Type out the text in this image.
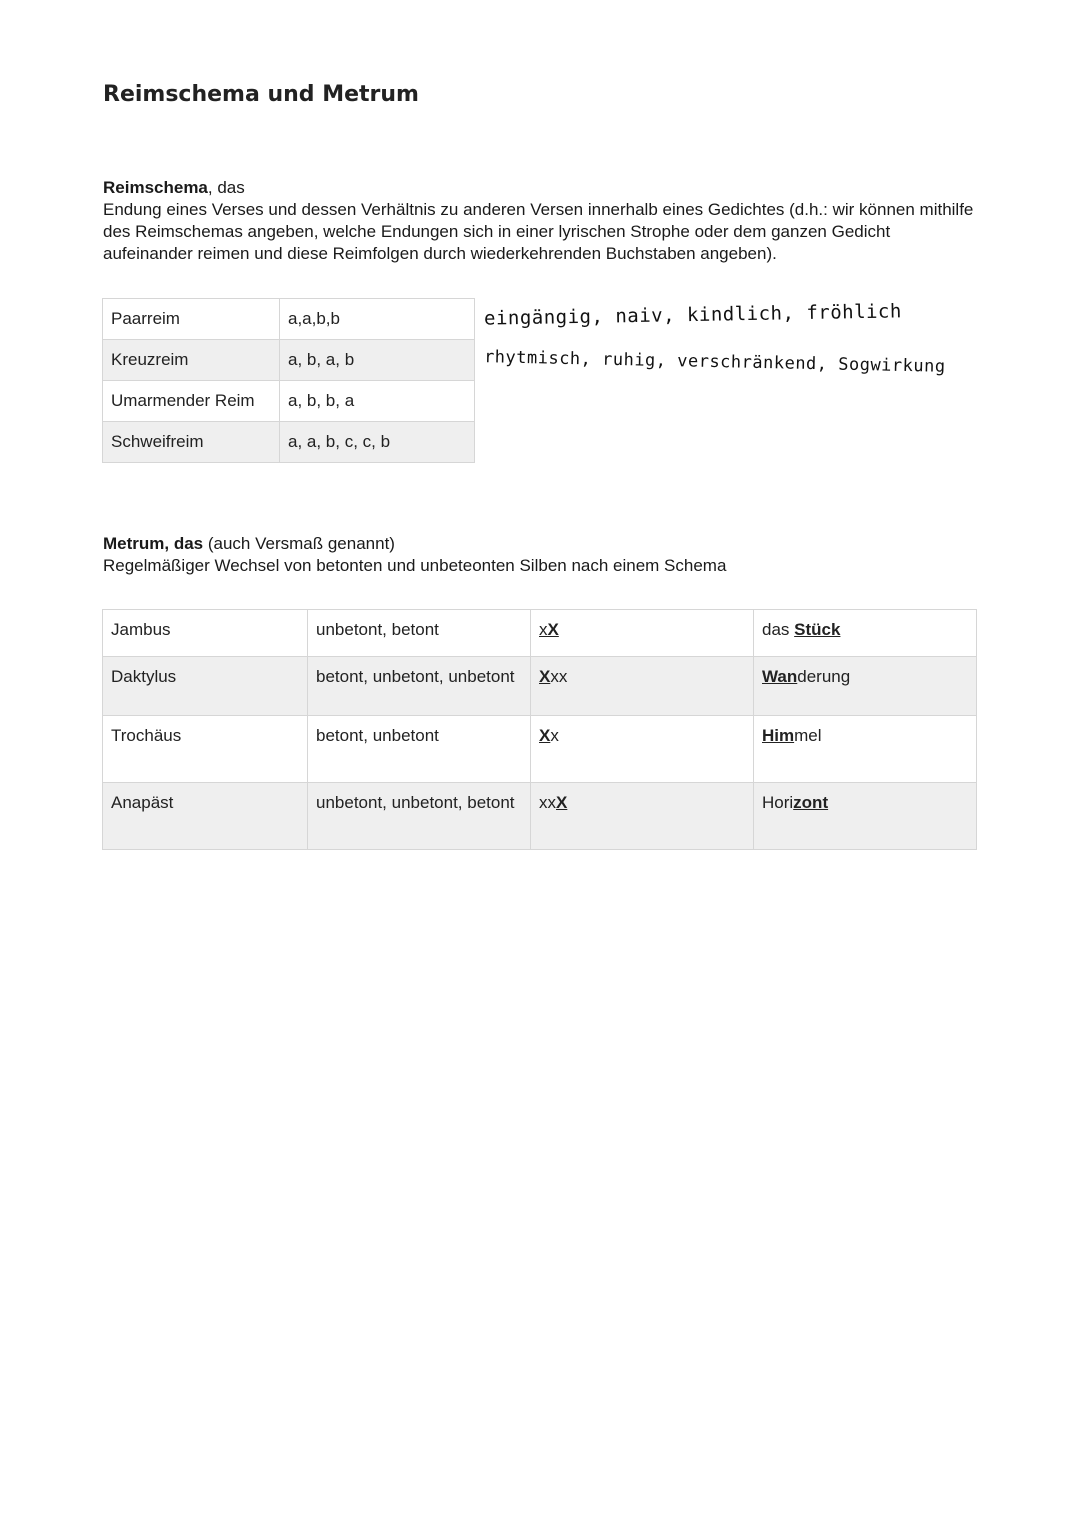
Reimschema und Metrum
Reimschema, das
Endung eines Verses und dessen Verhältnis zu anderen Versen innerhalb eines Gedichtes (d.h.: wir können mithilfe des Reimschemas angeben, welche Endungen sich in einer lyrischen Strophe oder dem ganzen Gedicht aufeinander reimen und diese Reimfolgen durch wiederkehrenden Buchstaben angeben).
Paarreim	a,a,b,b
Kreuzreim	a, b, a, b
Umarmender Reim	a, b, b, a
Schweifreim	a, a, b, c, c, b
eingängig, naiv, kindlich, fröhlich
rhytmisch, ruhig, verschränkend, Sogwirkung
Metrum, das (auch Versmaß genannt)
Regelmäßiger Wechsel von betonten und unbeteonten Silben nach einem Schema
Jambus	unbetont, betont	xX	das Stück
Daktylus	betont, unbetont, unbetont	Xxx	Wanderung
Trochäus	betont, unbetont	Xx	Himmel
Anapäst	unbetont, unbetont, betont	xxX	Horizont
